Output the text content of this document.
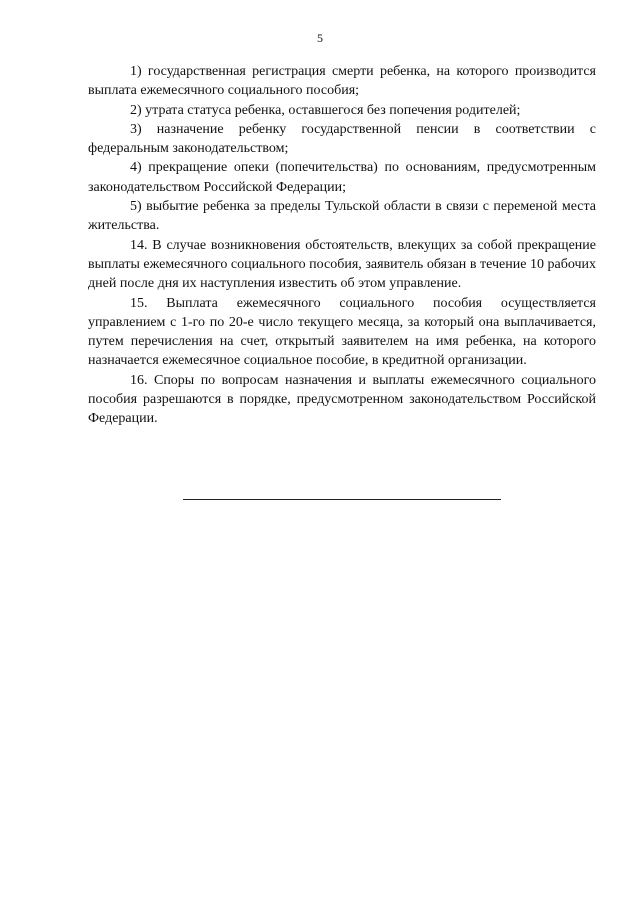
5

1) государственная регистрация смерти ребенка, на которого производится выплата ежемесячного социального пособия;

2) утрата статуса ребенка, оставшегося без попечения родителей;

3) назначение ребенку государственной пенсии в соответствии с федеральным законодательством;

4) прекращение опеки (попечительства) по основаниям, предусмотренным законодательством Российской Федерации;

5) выбытие ребенка за пределы Тульской области в связи с переменой места жительства.

14. В случае возникновения обстоятельств, влекущих за собой прекращение выплаты ежемесячного социального пособия, заявитель обязан в течение 10 рабочих дней после дня их наступления известить об этом управление.

15. Выплата ежемесячного социального пособия осуществляется управлением с 1-го по 20-е число текущего месяца, за который она выплачивается, путем перечисления на счет, открытый заявителем на имя ребенка, на которого назначается ежемесячное социальное пособие, в кредитной организации.

16. Споры по вопросам назначения и выплаты ежемесячного социального пособия разрешаются в порядке, предусмотренном законодательством Российской Федерации.
